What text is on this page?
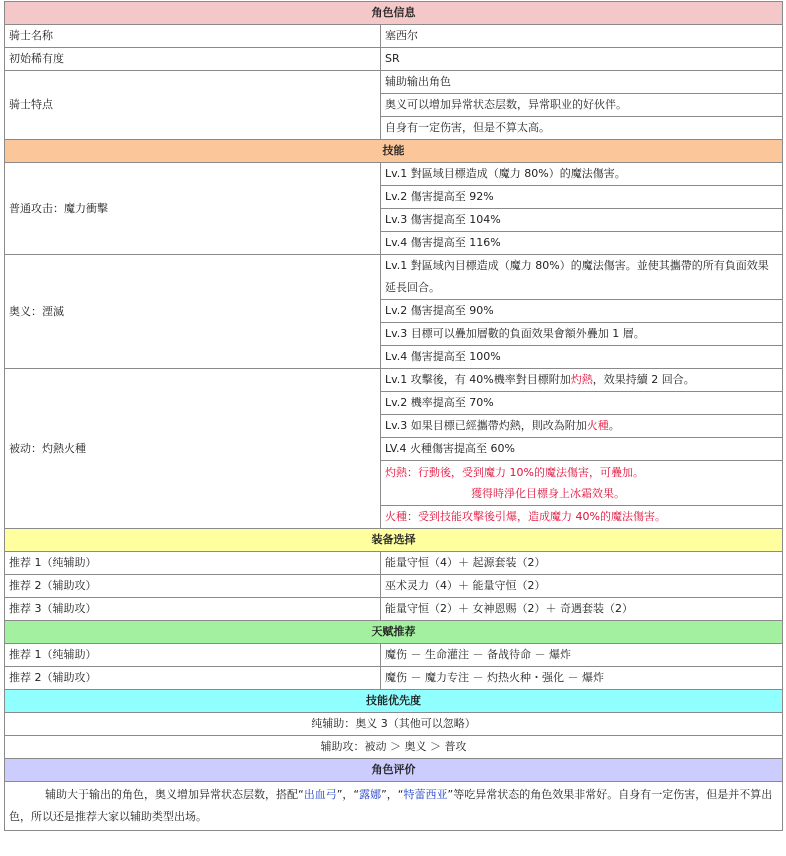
角色信息	
骑士名称	塞西尔
初始稀有度	SR
骑士特点	辅助输出角色
	奥义可以增加异常状态层数，异常职业的好伙伴。
	自身有一定伤害，但是不算太高。
技能	
普通攻击：魔力衝擊	Lv.1 對區域目標造成（魔力 80%）的魔法傷害。
	Lv.2 傷害提高至 92%
	Lv.3 傷害提高至 104%
	Lv.4 傷害提高至 116%
奥义：湮滅	Lv.1 對區域內目標造成（魔力 80%）的魔法傷害。並使其攜帶的所有負面效果延長回合。
	Lv.2 傷害提高至 90%
	Lv.3 目標可以疊加層數的負面效果會額外疊加 1 層。
	Lv.4 傷害提高至 100%
被动：灼熱火種	Lv.1 攻擊後，有 40%機率對目標附加灼熱，效果持續 2 回合。
	Lv.2 機率提高至 70%
	Lv.3 如果目標已經攜帶灼熱，則改為附加火種。
	LV.4 火種傷害提高至 60%

	灼熱：行動後，受到魔力 10%的魔法傷害，可疊加。
獲得時淨化目標身上冰霜效果。

	火種：受到技能攻擊後引爆，造成魔力 40%的魔法傷害。
装备选择	
推荐 1（纯辅助）	能量守恒（4）＋ 起源套装（2）
推荐 2（辅助攻）	巫术灵力（4）＋ 能量守恒（2）
推荐 3（辅助攻）	能量守恒（2）＋ 女神恩赐（2）＋ 奇遇套装（2）
天赋推荐	
推荐 1（纯辅助）	魔伤 － 生命灌注 － 备战待命 － 爆炸
推荐 2（辅助攻）	魔伤 － 魔力专注 － 灼热火种・强化 － 爆炸
技能优先度	
纯辅助：奥义 3（其他可以忽略）	
辅助攻：被动 ＞ 奥义 ＞ 普攻	
角色评价	
辅助大于输出的角色，奥义增加异常状态层数，搭配“出血弓”，“露娜”，“特蕾西亚”等吃异常状态的角色效果非常好。自身有一定伤害，但是并不算出色，所以还是推荐大家以辅助类型出场。	
